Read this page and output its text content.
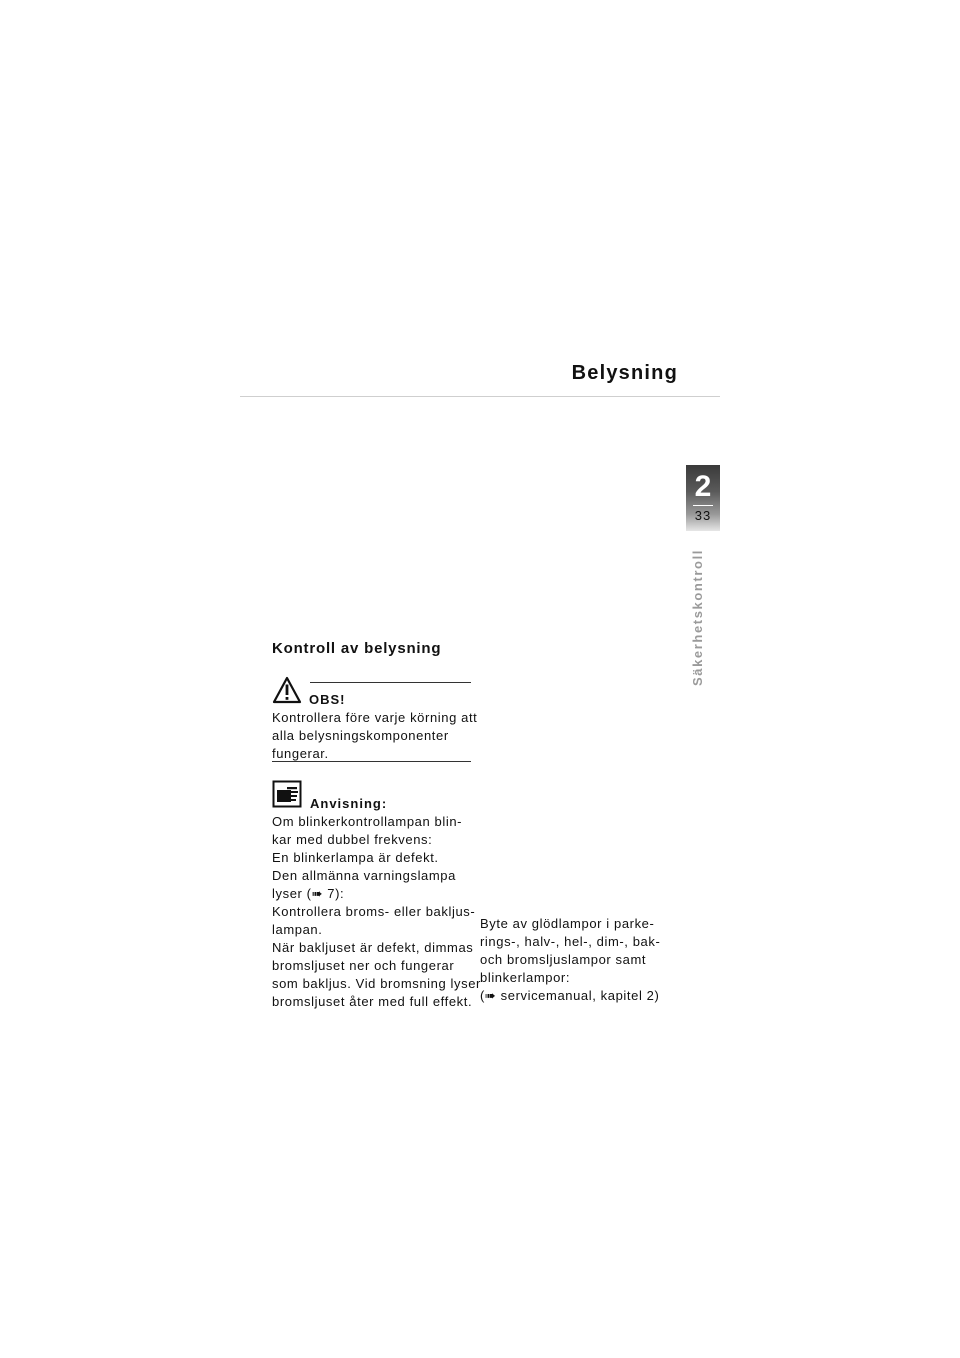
Belysning
2
33
Säkerhetskontroll
Kontroll av belysning
OBS!
Kontrollera före varje körning att
alla belysningskomponenter
fungerar.
Anvisning:
Om blinkerkontrollampan blin-
kar med dubbel frekvens:
En blinkerlampa är defekt.
Den allmänna varningslampa
lyser (➠ 7):
Kontrollera broms- eller bakljus-
lampan.
När bakljuset är defekt, dimmas
bromsljuset ner och fungerar
som bakljus. Vid bromsning lyser
bromsljuset åter med full effekt.
Byte av glödlampor i parke-
rings-, halv-, hel-, dim-, bak-
och bromsljuslampor samt
blinkerlampor:
(➠ servicemanual, kapitel 2)
